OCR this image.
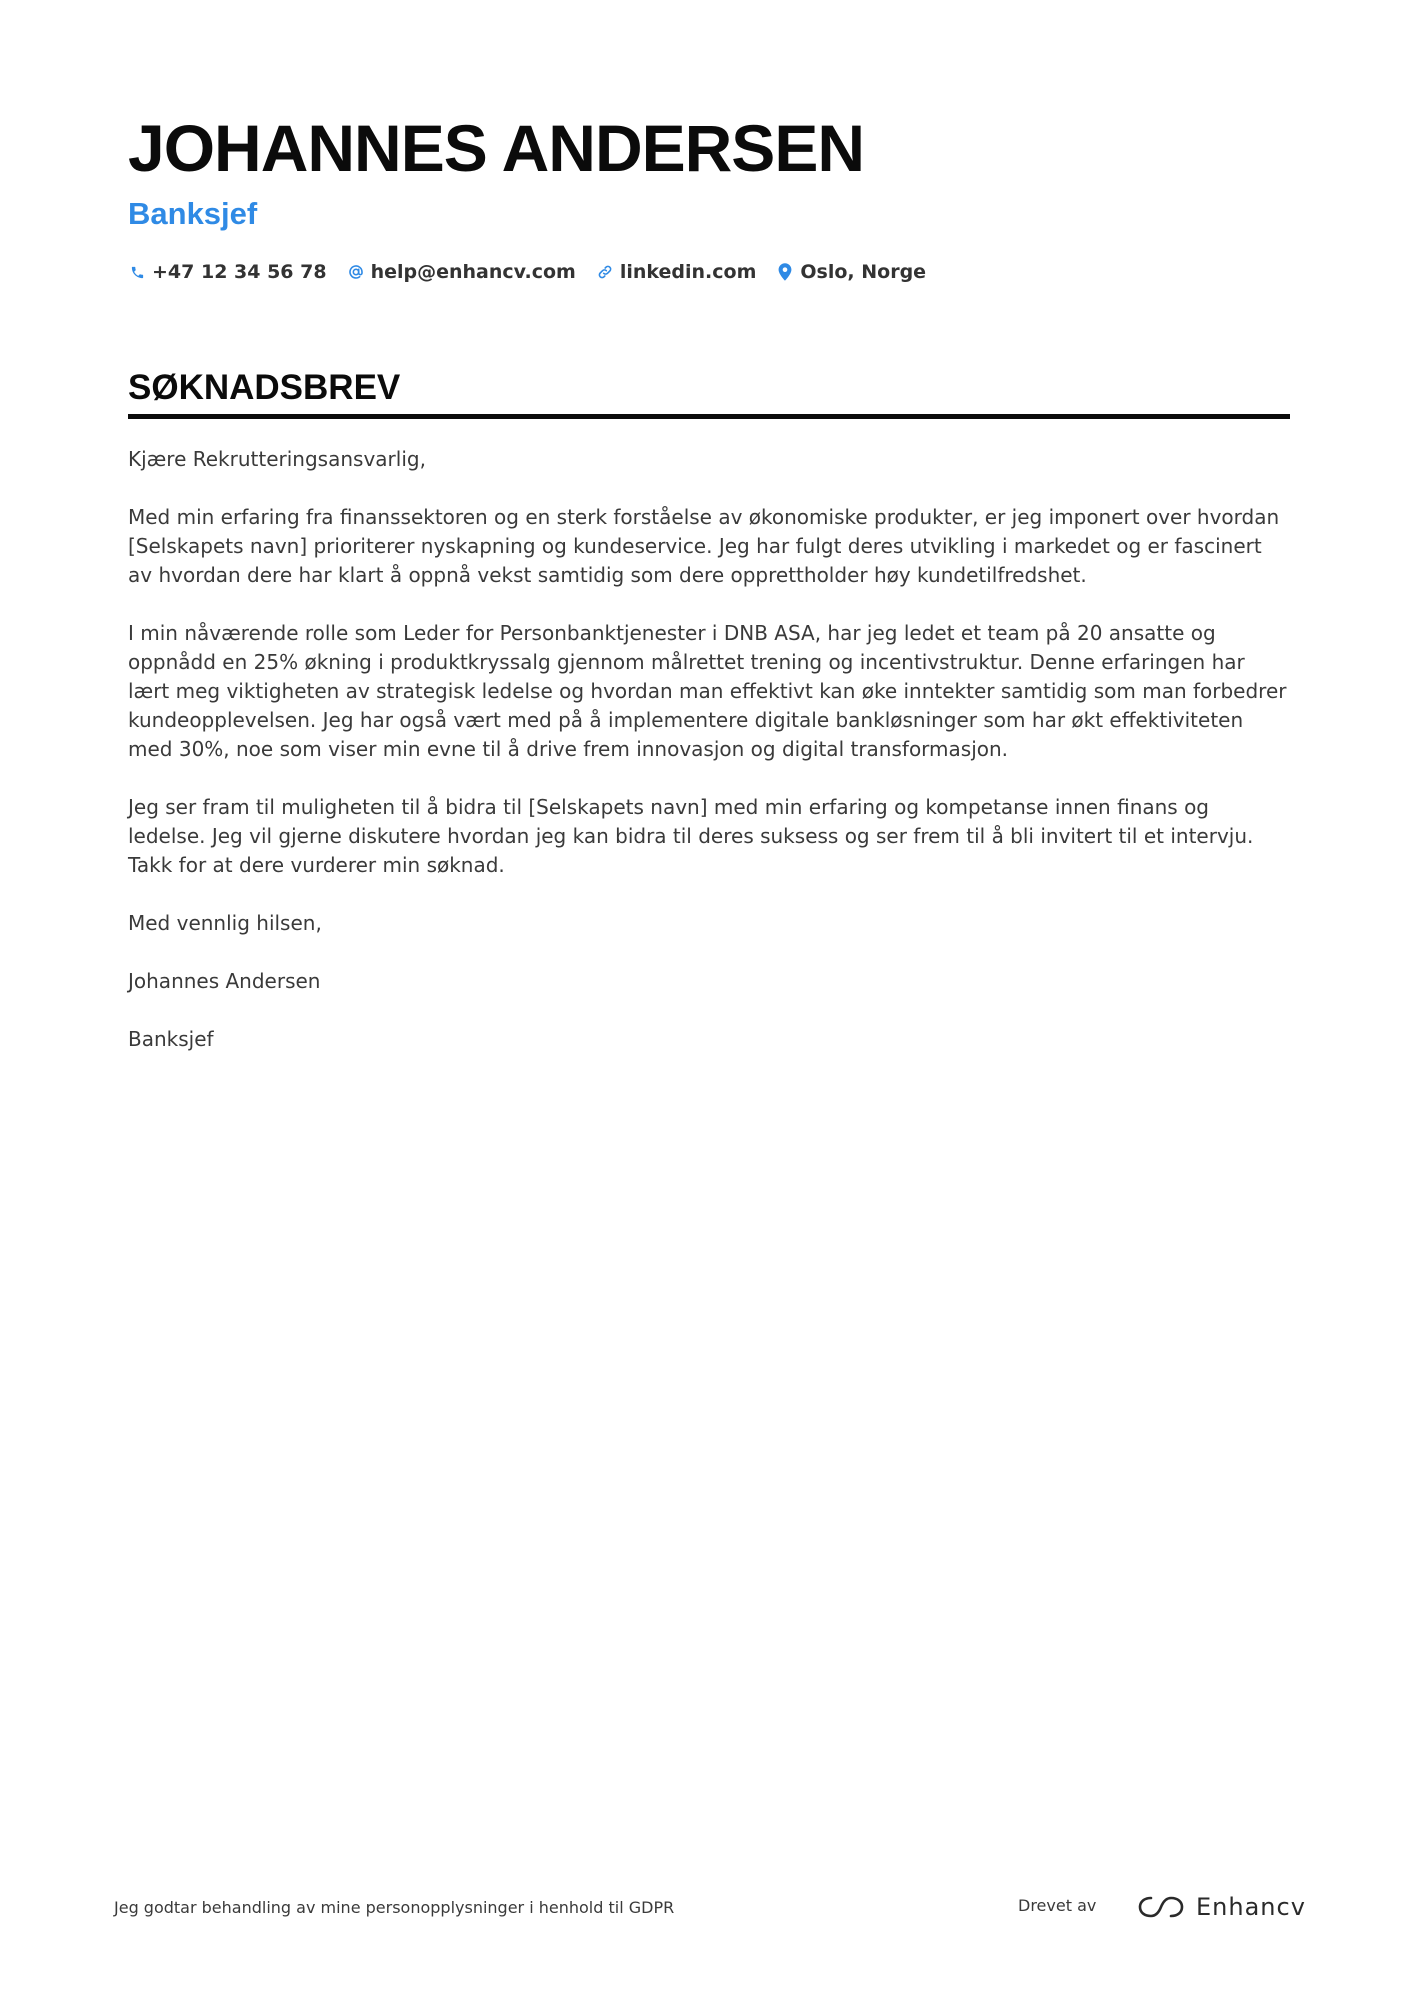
JOHANNES ANDERSEN
Banksjef
+47 12 34 56 78 help@enhancv.com linkedin.com Oslo, Norge
SØKNADSBREV

Kjære Rekrutteringsansvarlig,

Med min erfaring fra finanssektoren og en sterk forståelse av økonomiske produkter, er jeg imponert over hvordan [Selskapets navn] prioriterer nyskapning og kundeservice. Jeg har fulgt deres utvikling i markedet og er fascinert av hvordan dere har klart å oppnå vekst samtidig som dere opprettholder høy kundetilfredshet.

I min nåværende rolle som Leder for Personbanktjenester i DNB ASA, har jeg ledet et team på 20 ansatte og oppnådd en 25% økning i produktkryssalg gjennom målrettet trening og incentivstruktur. Denne erfaringen har lært meg viktigheten av strategisk ledelse og hvordan man effektivt kan øke inntekter samtidig som man forbedrer kundeopplevelsen. Jeg har også vært med på å implementere digitale bankløsninger som har økt effektiviteten med 30%, noe som viser min evne til å drive frem innovasjon og digital transformasjon.

Jeg ser fram til muligheten til å bidra til [Selskapets navn] med min erfaring og kompetanse innen finans og ledelse. Jeg vil gjerne diskutere hvordan jeg kan bidra til deres suksess og ser frem til å bli invitert til et intervju. Takk for at dere vurderer min søknad.

Med vennlig hilsen,

Johannes Andersen

Banksjef

Jeg godtar behandling av mine personopplysninger i henhold til GDPR	Drevet av	Enhancv
